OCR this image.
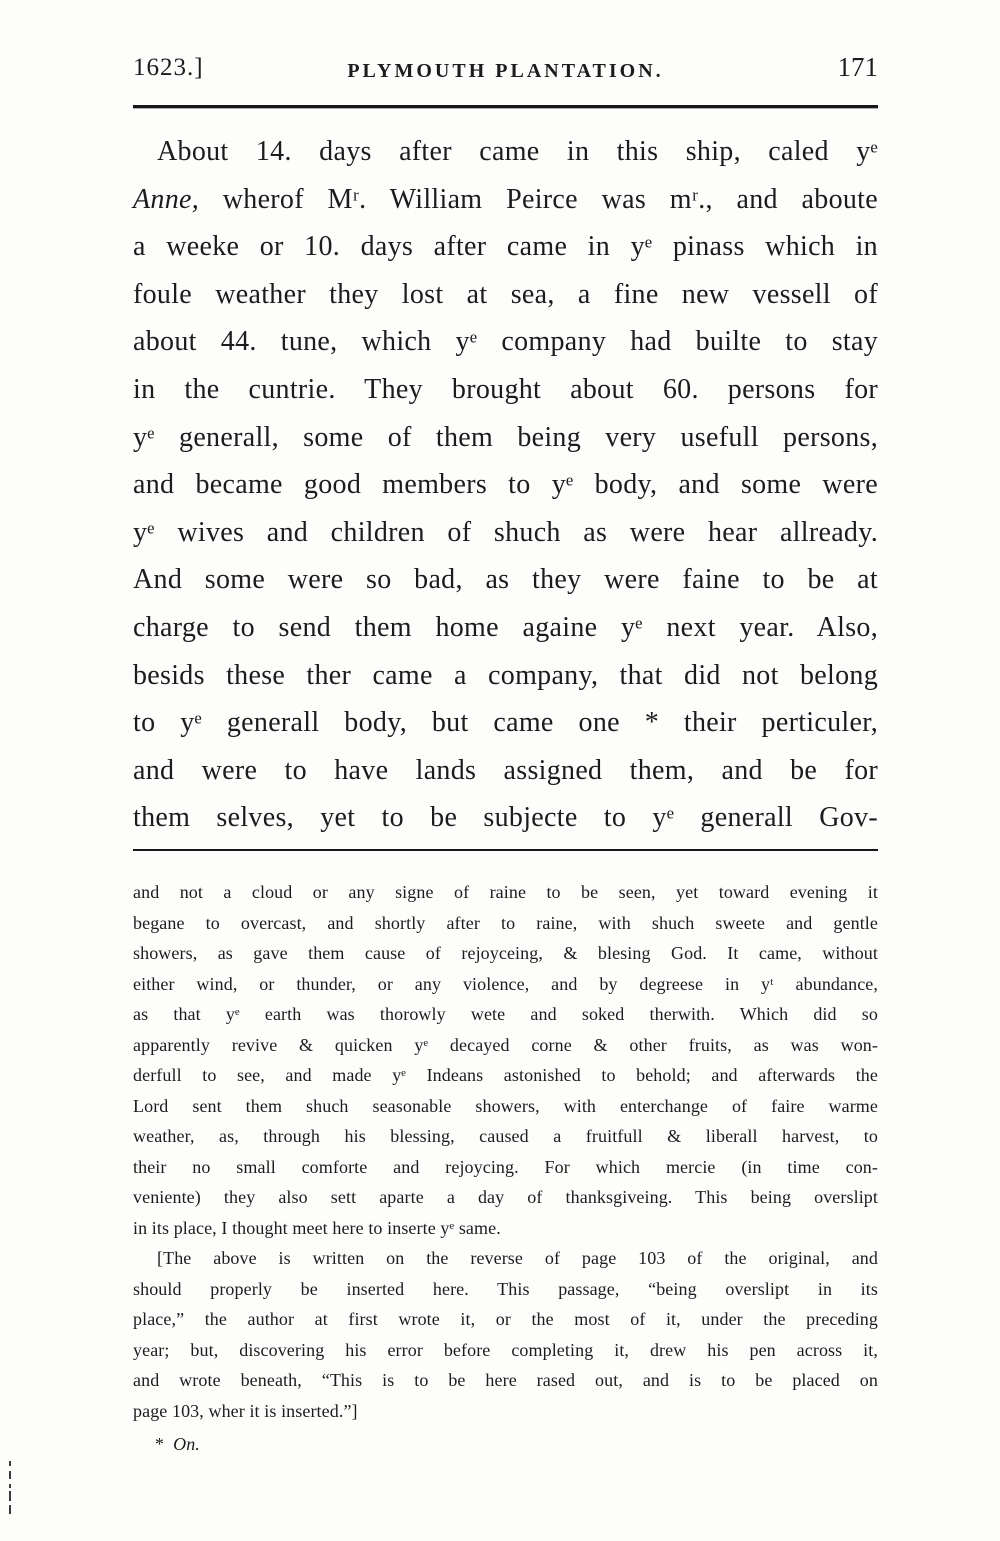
1623.]	PLYMOUTH PLANTATION.	171
About 14. days after came in this ship, caled yᵉ
Anne, wherof Mʳ. William Peirce was mʳ., and aboute
a weeke or 10. days after came in yᵉ pinass which in
foule weather they lost at sea, a fine new vessell of
about 44. tune, which yᵉ company had builte to stay
in the cuntrie. They brought about 60. persons for
yᵉ generall, some of them being very usefull persons,
and became good members to yᵉ body, and some were
yᵉ wives and children of shuch as were hear allready.
And some were so bad, as they were faine to be at
charge to send them home againe yᵉ next year. Also,
besids these ther came a company, that did not belong
to yᵉ generall body, but came one * their perticuler,
and were to have lands assigned them, and be for
them selves, yet to be subjecte to yᵉ generall Gov-
and not a cloud or any signe of raine to be seen, yet toward evening it
begane to overcast, and shortly after to raine, with shuch sweete and gentle
showers, as gave them cause of rejoyceing, & blesing God. It came, without
either wind, or thunder, or any violence, and by degreese in yᵗ abundance,
as that yᵉ earth was thorowly wete and soked therwith. Which did so
apparently revive & quicken yᵉ decayed corne & other fruits, as was won-
derfull to see, and made yᵉ Indeans astonished to behold; and afterwards the
Lord sent them shuch seasonable showers, with enterchange of faire warme
weather, as, through his blessing, caused a fruitfull & liberall harvest, to
their no small comforte and rejoycing. For which mercie (in time con-
veniente) they also sett aparte a day of thanksgiveing. This being overslipt
in its place, I thought meet here to inserte yᵉ same.
[The above is written on the reverse of page 103 of the original, and
should properly be inserted here. This passage, “being overslipt in its
place,” the author at first wrote it, or the most of it, under the preceding
year; but, discovering his error before completing it, drew his pen across it,
and wrote beneath, “This is to be here rased out, and is to be placed on
page 103, wher it is inserted.”]
* On.
